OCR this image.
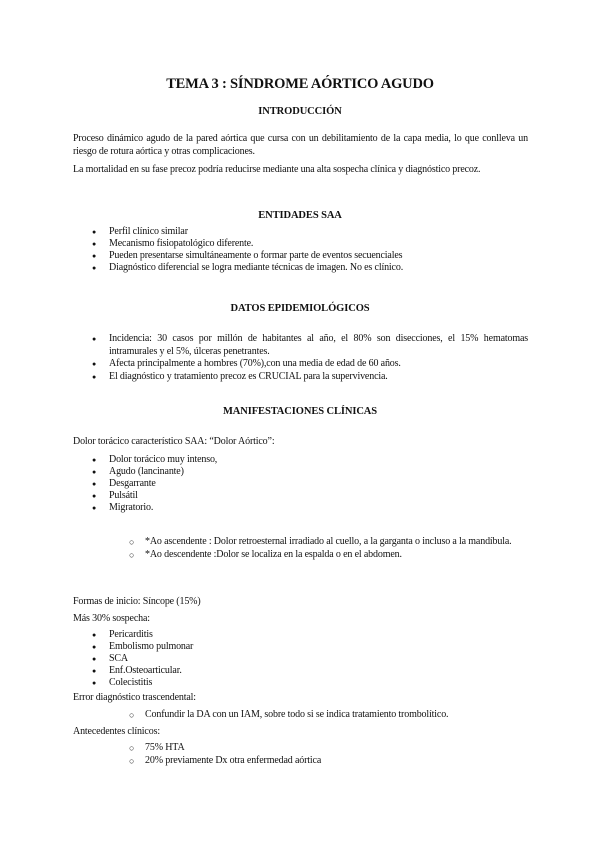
TEMA 3 : SÍNDROME AÓRTICO AGUDO
INTRODUCCIÓN
Proceso dinámico agudo de la pared aórtica que cursa con un debilitamiento de la capa media, lo que conlleva un riesgo de rotura aórtica y otras complicaciones.
La mortalidad en su fase precoz podría reducirse mediante una alta sospecha clínica y diagnóstico precoz.
ENTIDADES SAA
● Perfil clínico similar
● Mecanismo fisiopatológico diferente.
● Pueden presentarse simultáneamente o formar parte de eventos secuenciales
● Diagnóstico diferencial se logra mediante técnicas de imagen. No es clínico.
DATOS EPIDEMIOLÓGICOS
● Incidencia: 30 casos por millón de habitantes al año, el 80% son disecciones, el 15% hematomas intramurales y el 5%, úlceras penetrantes.
● Afecta principalmente a hombres (70%),con una media de edad de 60 años.
● El diagnóstico y tratamiento precoz es CRUCIAL para la supervivencia.
MANIFESTACIONES CLÍNICAS
Dolor torácico característico SAA: “Dolor Aórtico”:
● Dolor torácico muy intenso,
● Agudo (lancinante)
● Desgarrante
● Pulsátil
● Migratorio.
○ *Ao ascendente : Dolor retroesternal irradiado al cuello, a la garganta o incluso a la mandíbula.
○ *Ao descendente :Dolor se localiza en la espalda o en el abdomen.
Formas de inicio: Síncope (15%)
Más 30% sospecha:
● Pericarditis
● Embolismo pulmonar
● SCA
● Enf.Osteoarticular.
● Colecistitis
Error diagnóstico trascendental:
○ Confundir la DA con un IAM, sobre todo si se indica tratamiento trombolítico.
Antecedentes clínicos:
○ 75% HTA
○ 20% previamente Dx otra enfermedad aórtica
